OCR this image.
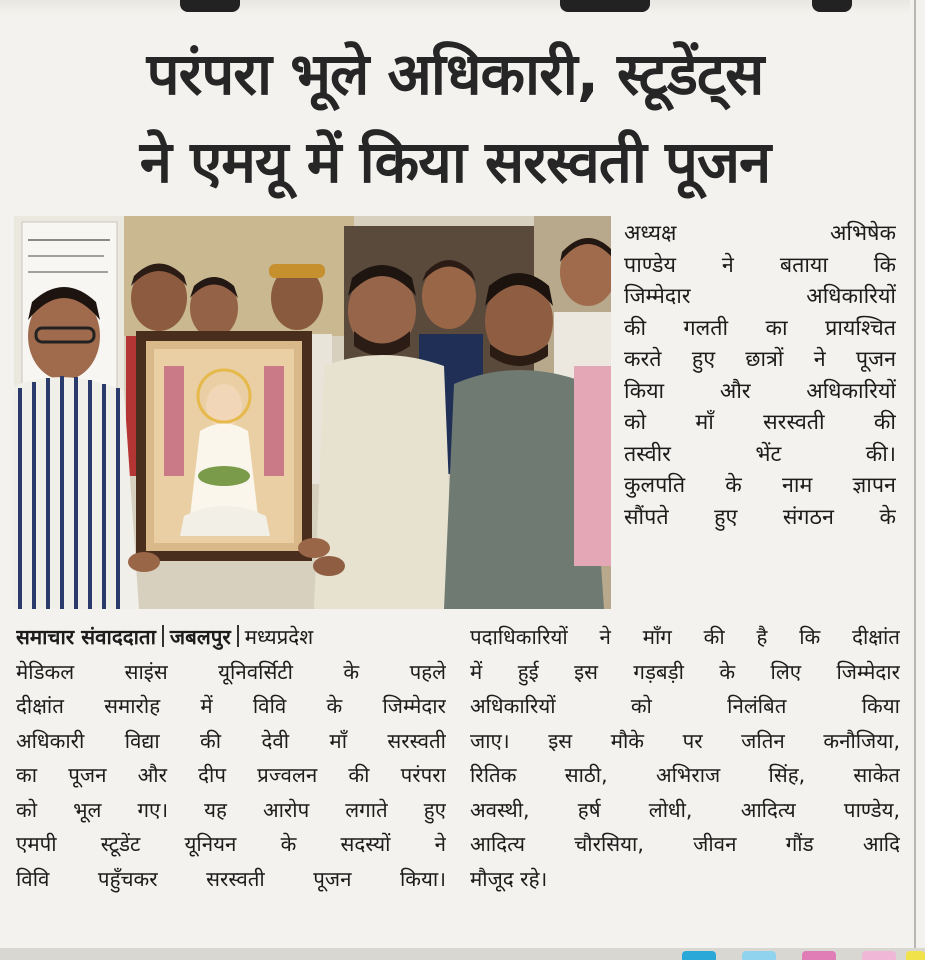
परंपरा भूले अधिकारी, स्टूडेंट्स
ने एमयू में किया सरस्वती पूजन
अध्यक्ष अभिषेक
पाण्डेय ने बताया कि
जिम्मेदार अधिकारियों
की गलती का प्रायश्चित
करते हुए छात्रों ने पूजन
किया और अधिकारियों
को माँ सरस्वती की
तस्वीर भेंट की।
कुलपति के नाम ज्ञापन
सौंपते हुए संगठन के
समाचार संवाददाता जबलपुर मध्यप्रदेश
मेडिकल साइंस यूनिवर्सिटी के पहले
दीक्षांत समारोह में विवि के जिम्मेदार
अधिकारी विद्या की देवी माँ सरस्वती
का पूजन और दीप प्रज्वलन की परंपरा
को भूल गए। यह आरोप लगाते हुए
एमपी स्टूडेंट यूनियन के सदस्यों ने
विवि पहुँचकर सरस्वती पूजन किया।
पदाधिकारियों ने माँग की है कि दीक्षांत
में हुई इस गड़बड़ी के लिए जिम्मेदार
अधिकारियों को निलंबित किया
जाए। इस मौके पर जतिन कनौजिया,
रितिक साठी, अभिराज सिंह, साकेत
अवस्थी, हर्ष लोधी, आदित्य पाण्डेय,
आदित्य चौरसिया, जीवन गौंड आदि
मौजूद रहे।
